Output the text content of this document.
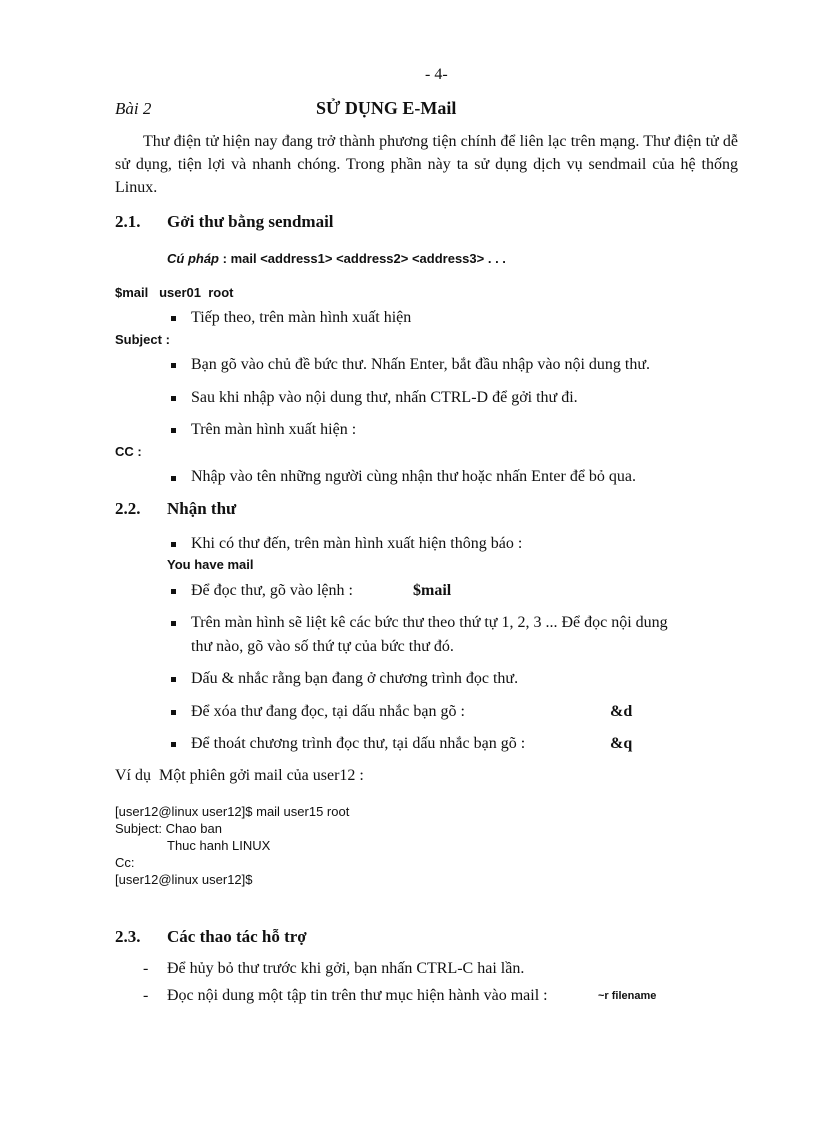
- 4-
Bài 2	SỬ DỤNG E-Mail
Thư điện tử hiện nay đang trở thành phương tiện chính để liên lạc trên mạng. Thư điện tử dễ sử dụng, tiện lợi và nhanh chóng. Trong phần này ta sử dụng dịch vụ sendmail của hệ thống Linux.
2.1. Gởi thư bằng sendmail
Cú pháp : mail <address1> <address2> <address3> . . .
$mail   user01  root
Tiếp theo, trên màn hình xuất hiện
Subject :
Bạn gõ vào chủ đề bức thư. Nhấn Enter, bắt đầu nhập vào nội dung thư.
Sau khi nhập vào nội dung thư, nhấn CTRL-D để gởi thư đi.
Trên màn hình xuất hiện :
CC :
Nhập vào tên những người cùng nhận thư hoặc nhấn Enter để bỏ qua.
2.2. Nhận thư
Khi có thư đến, trên màn hình xuất hiện thông báo :
You have mail
Để đọc thư, gõ vào lệnh :	$mail
Trên màn hình sẽ liệt kê các bức thư theo thứ tự 1, 2, 3 ... Để đọc nội dung
thư nào, gõ vào số thứ tự của bức thư đó.
Dấu & nhắc rằng bạn đang ở chương trình đọc thư.
Để xóa thư đang đọc, tại dấu nhắc bạn gõ :	&d
Để thoát chương trình đọc thư, tại dấu nhắc bạn gõ :	&q
Ví dụ  Một phiên gởi mail của user12 :
[user12@linux user12]$ mail user15 root
Subject: Chao ban
Thuc hanh LINUX
Cc:
[user12@linux user12]$
2.3. Các thao tác hỗ trợ
- Để hủy bỏ thư trước khi gởi, bạn nhấn CTRL-C hai lần.
- Đọc nội dung một tập tin trên thư mục hiện hành vào mail :	~r filename
